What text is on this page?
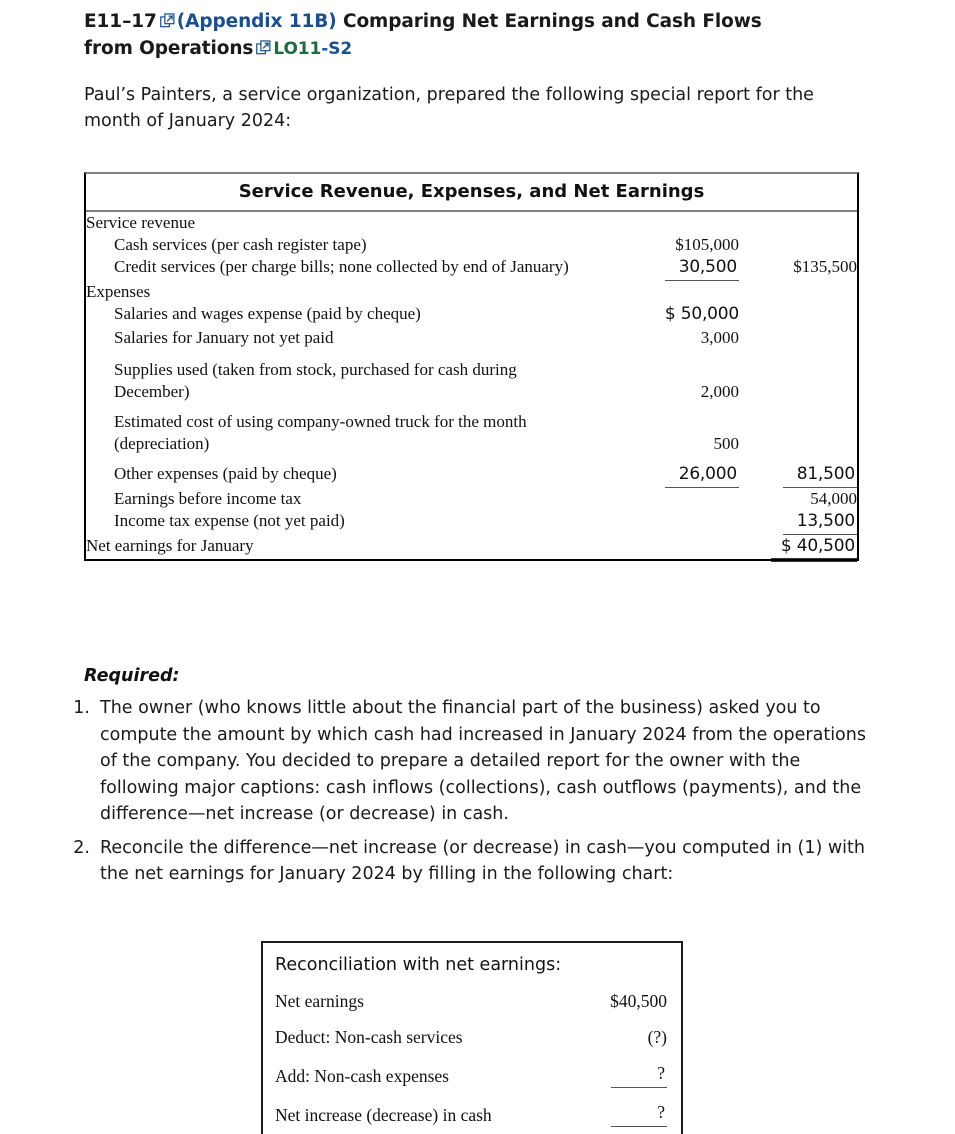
E11–17 (Appendix 11B) Comparing Net Earnings and Cash Flows
from Operations LO11-S2
Paul’s Painters, a service organization, prepared the following special report for the month of January 2024:
Service Revenue, Expenses, and Net Earnings
Service revenue		
Cash services (per cash register tape)	$105,000	
Credit services (per charge bills; none collected by end of January)	30,500	$135,500
Expenses		
Salaries and wages expense (paid by cheque)	$ 50,000	
Salaries for January not yet paid	3,000	
Supplies used (taken from stock, purchased for cash during December)	2,000	
Estimated cost of using company-owned truck for the month (depreciation)	500	
Other expenses (paid by cheque)	26,000	81,500
Earnings before income tax		54,000
Income tax expense (not yet paid)		13,500
Net earnings for January		$ 40,500
Required:
1. The owner (who knows little about the financial part of the business) asked you to compute the amount by which cash had increased in January 2024 from the operations of the company. You decided to prepare a detailed report for the owner with the following major captions: cash inflows (collections), cash outflows (payments), and the difference—net increase (or decrease) in cash.
2. Reconcile the difference—net increase (or decrease) in cash—you computed in (1) with the net earnings for January 2024 by filling in the following chart:
Reconciliation with net earnings:
Net earnings	$40,500
Deduct: Non-cash services	(?)
Add: Non-cash expenses	?
Net increase (decrease) in cash	?
